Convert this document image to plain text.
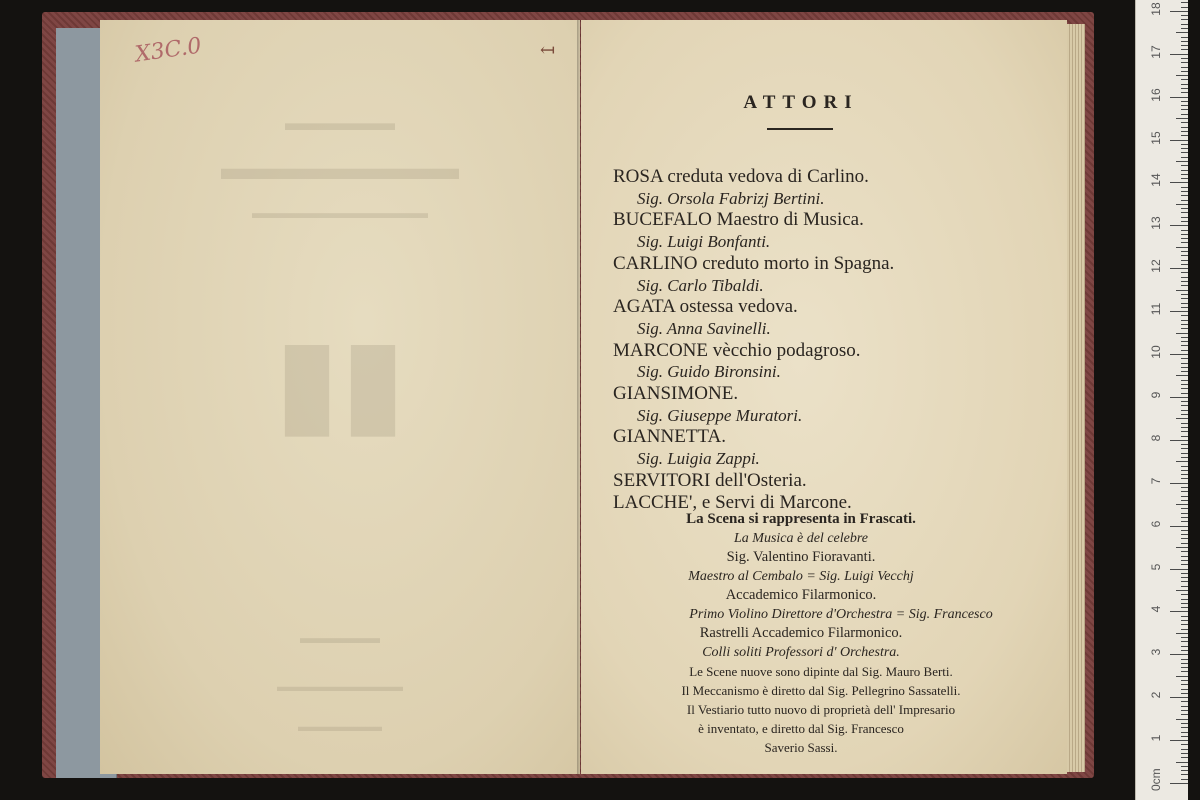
▬▬▬▬▬
▬▬▬▬▬▬▬
▬▬▬▬▬▬▬▬▬▬▬
▮▮
▬▬▬▬▬
▬▬▬▬▬▬▬▬▬
▬▬▬▬▬▬
X3C.0	↤
ATTORI
ROSA creduta vedova di Carlino.
Sig. Orsola Fabrizj Bertini.
BUCEFALO Maestro di Musica.
Sig. Luigi Bonfanti.
CARLINO creduto morto in Spagna.
Sig. Carlo Tibaldi.
AGATA ostessa vedova.
Sig. Anna Savinelli.
MARCONE vècchio podagroso.
Sig. Guido Bironsini.
GIANSIMONE.
Sig. Giuseppe Muratori.
GIANNETTA.
Sig. Luigia Zappi.
SERVITORI dell'Osteria.
LACCHE', e Servi di Marcone.
La Scena si rappresenta in Frascati.
La Musica è del celebre
Sig. Valentino Fioravanti.
Maestro al Cembalo = Sig. Luigi Vecchj
Accademico Filarmonico.
Primo Violino Direttore d'Orchestra = Sig. Francesco
Rastrelli Accademico Filarmonico.
Colli soliti Professori d' Orchestra.
Le Scene nuove sono dipinte dal Sig. Mauro Berti.
Il Meccanismo è diretto dal Sig. Pellegrino Sassatelli.
Il Vestiario tutto nuovo di proprietà dell' Impresario
è inventato, e diretto dal Sig. Francesco
Saverio Sassi.
0cm
1
2
3
4
5
6
7
8
9
10
11
12
13
14
15
16
17
18
